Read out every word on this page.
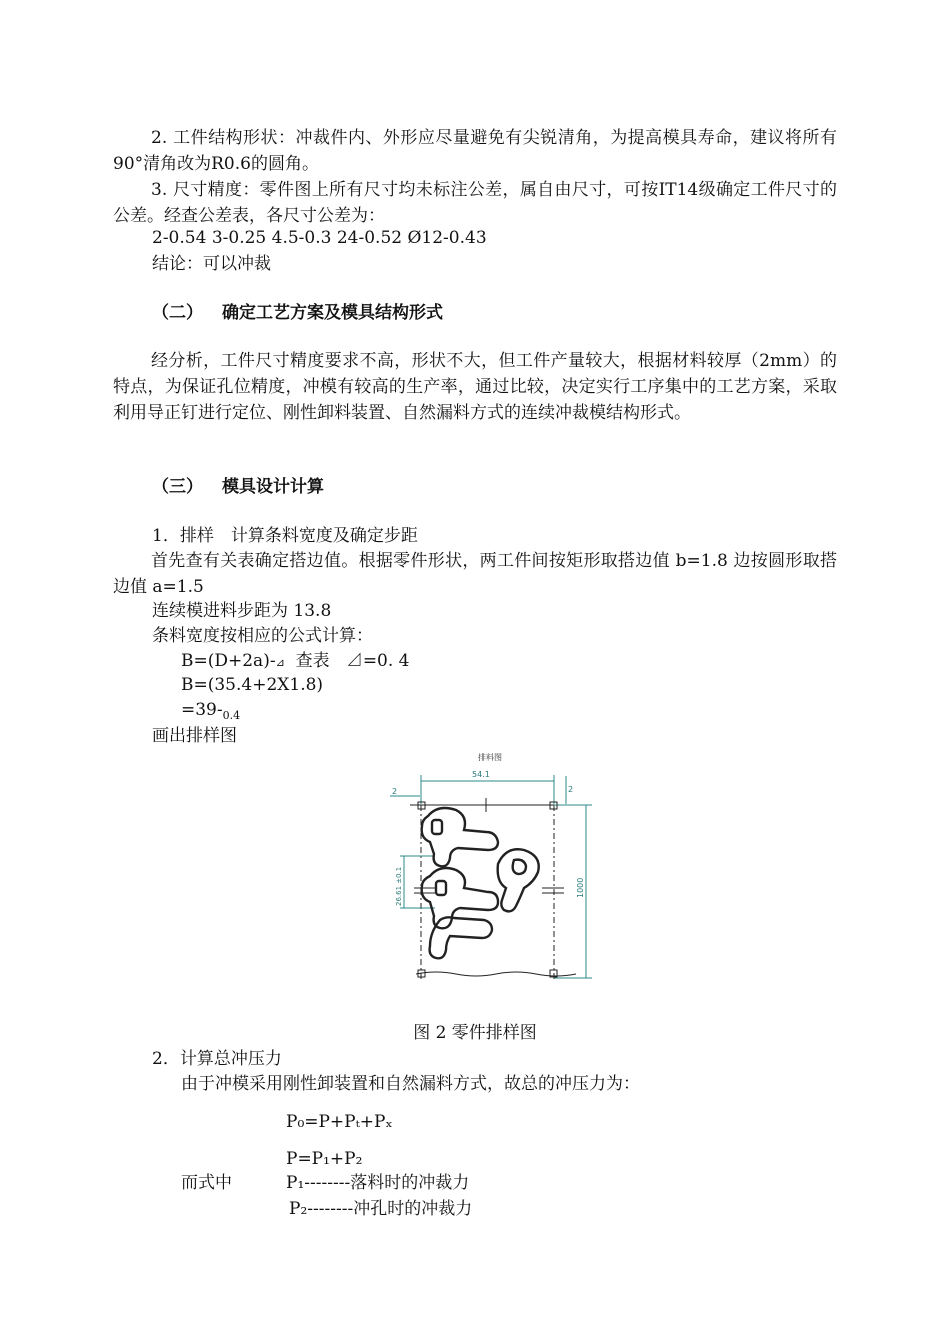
2. 工件结构形状：冲裁件内、外形应尽量避免有尖锐清角，为提高模具寿命，建议将所有90°清角改为R0.6的圆角。
3. 尺寸精度：零件图上所有尺寸均未标注公差，属自由尺寸，可按IT14级确定工件尺寸的公差。经查公差表，各尺寸公差为：
2-0.54 3-0.25 4.5-0.3 24-0.52 Ø12-0.43
结论：可以冲裁
（二） 确定工艺方案及模具结构形式
经分析，工件尺寸精度要求不高，形状不大，但工件产量较大，根据材料较厚（2mm）的特点，为保证孔位精度，冲模有较高的生产率，通过比较，决定实行工序集中的工艺方案，采取利用导正钉进行定位、刚性卸料装置、自然漏料方式的连续冲裁模结构形式。
（三） 模具设计计算
1．排样　计算条料宽度及确定步距
首先查有关表确定搭边值。根据零件形状，两工件间按矩形取搭边值 b=1.8 边按圆形取搭边值 a=1.5
连续模进料步距为 13.8
条料宽度按相应的公式计算：
B=(D+2a)-⊿  查表   ⊿=0. 4
B=(35.4+2X1.8)
$=39-_{0.4}$
画出排样图
排料图
54.1
2	2
1000
26.61 ±0.1
图 2 零件排样图
2．计算总冲压力
由于冲模采用刚性卸装置和自然漏料方式，故总的冲压力为：
P₀=P+Pₜ+Pₓ
P=P₁+P₂
而式中	P₁--------落料时的冲裁力
P₂--------冲孔时的冲裁力
